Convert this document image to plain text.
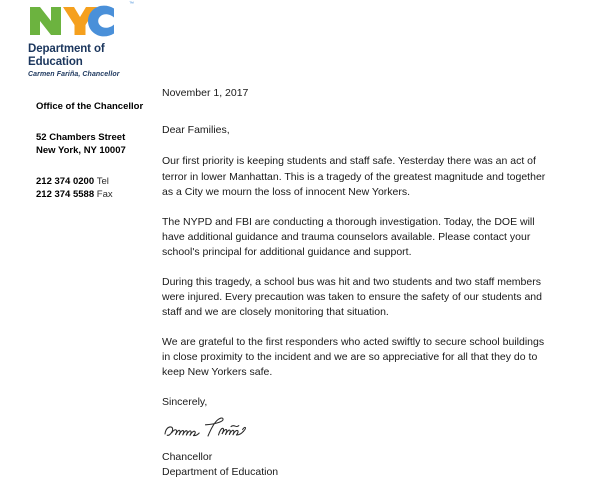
™
Department of
Education
Carmen Fariña, Chancellor

Office of the Chancellor

52 Chambers Street

New York, NY 10007

212 374 0200 Tel

212 374 5588 Fax

November 1, 2017

Dear Families,

Our first priority is keeping students and staff safe. Yesterday there was an act of terror in lower Manhattan. This is a tragedy of the greatest magnitude and together as a City we mourn the loss of innocent New Yorkers.

The NYPD and FBI are conducting a thorough investigation. Today, the DOE will have additional guidance and trauma counselors available. Please contact your school's principal for additional guidance and support.

During this tragedy, a school bus was hit and two students and two staff members were injured. Every precaution was taken to ensure the safety of our students and staff and we are closely monitoring that situation.

We are grateful to the first responders who acted swiftly to secure school buildings in close proximity to the incident and we are so appreciative for all that they do to keep New Yorkers safe.

Sincerely,

Chancellor

Department of Education
